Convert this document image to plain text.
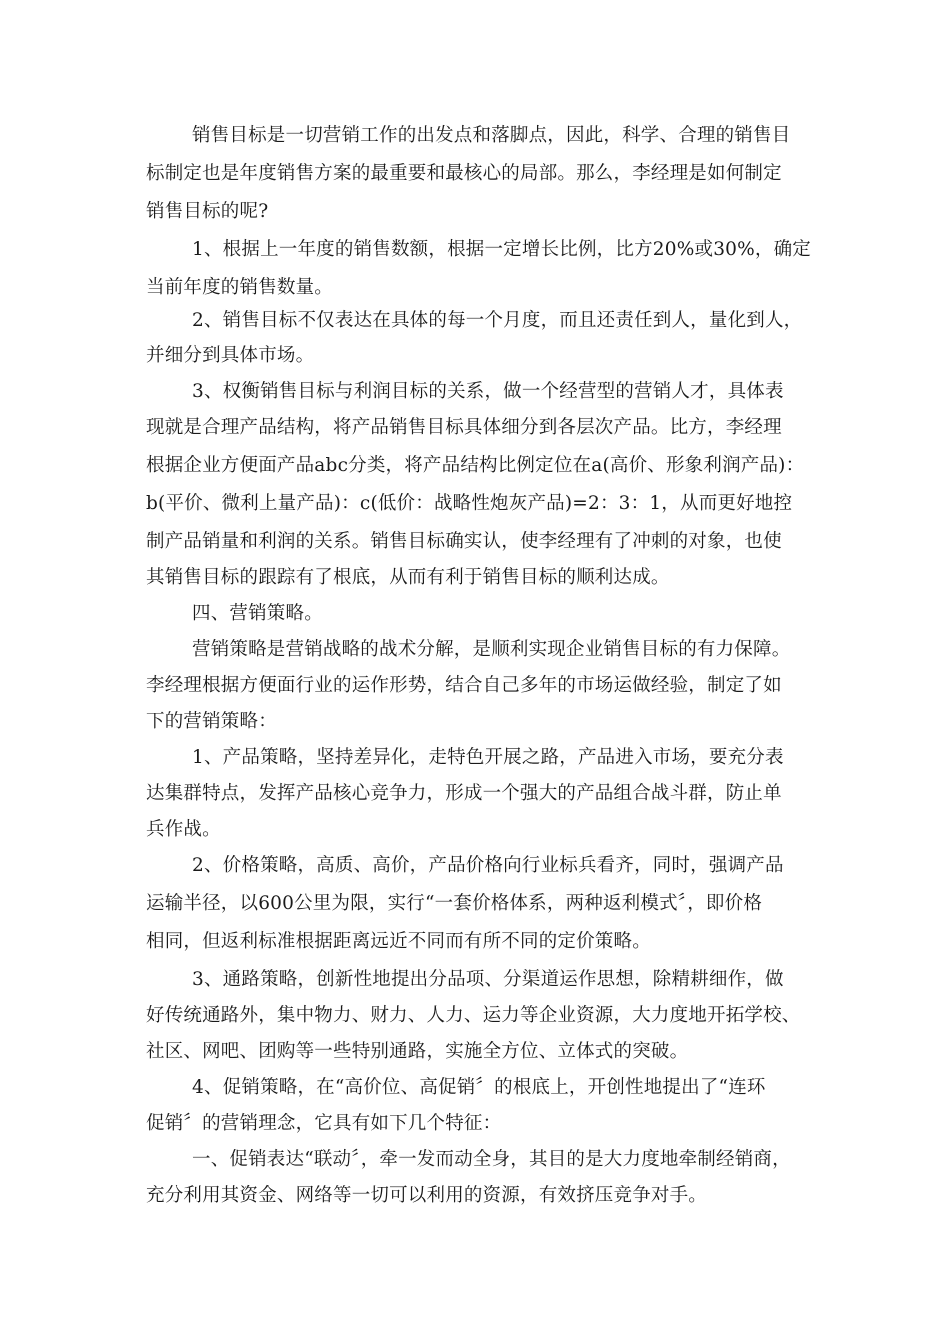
销售目标是一切营销工作的出发点和落脚点，因此，科学、合理的销售目
标制定也是年度销售方案的最重要和最核心的局部。那么，李经理是如何制定
销售目标的呢?
1、根据上一年度的销售数额，根据一定增长比例，比方20%或30%，确定
当前年度的销售数量。
2、销售目标不仅表达在具体的每一个月度，而且还责任到人，量化到人，
并细分到具体市场。
3、权衡销售目标与利润目标的关系，做一个经营型的营销人才，具体表
现就是合理产品结构，将产品销售目标具体细分到各层次产品。比方，李经理
根据企业方便面产品abc分类，将产品结构比例定位在a(高价、形象利润产品)：
b(平价、微利上量产品)：c(低价：战略性炮灰产品)=2：3：1，从而更好地控
制产品销量和利润的关系。销售目标确实认，使李经理有了冲刺的对象，也使
其销售目标的跟踪有了根底，从而有利于销售目标的顺利达成。
四、营销策略。
营销策略是营销战略的战术分解，是顺利实现企业销售目标的有力保障。
李经理根据方便面行业的运作形势，结合自己多年的市场运做经验，制定了如
下的营销策略：
1、产品策略，坚持差异化，走特色开展之路，产品进入市场，要充分表
达集群特点，发挥产品核心竞争力，形成一个强大的产品组合战斗群，防止单
兵作战。
2、价格策略，高质、高价，产品价格向行业标兵看齐，同时，强调产品
运输半径，以600公里为限，实行“一套价格体系，两种返利模式〞，即价格
相同，但返利标准根据距离远近不同而有所不同的定价策略。
3、通路策略，创新性地提出分品项、分渠道运作思想，除精耕细作，做
好传统通路外，集中物力、财力、人力、运力等企业资源，大力度地开拓学校、
社区、网吧、团购等一些特别通路，实施全方位、立体式的突破。
4、促销策略，在“高价位、高促销〞的根底上，开创性地提出了“连环
促销〞的营销理念，它具有如下几个特征：
一、促销表达“联动〞，牵一发而动全身，其目的是大力度地牵制经销商，
充分利用其资金、网络等一切可以利用的资源，有效挤压竞争对手。
